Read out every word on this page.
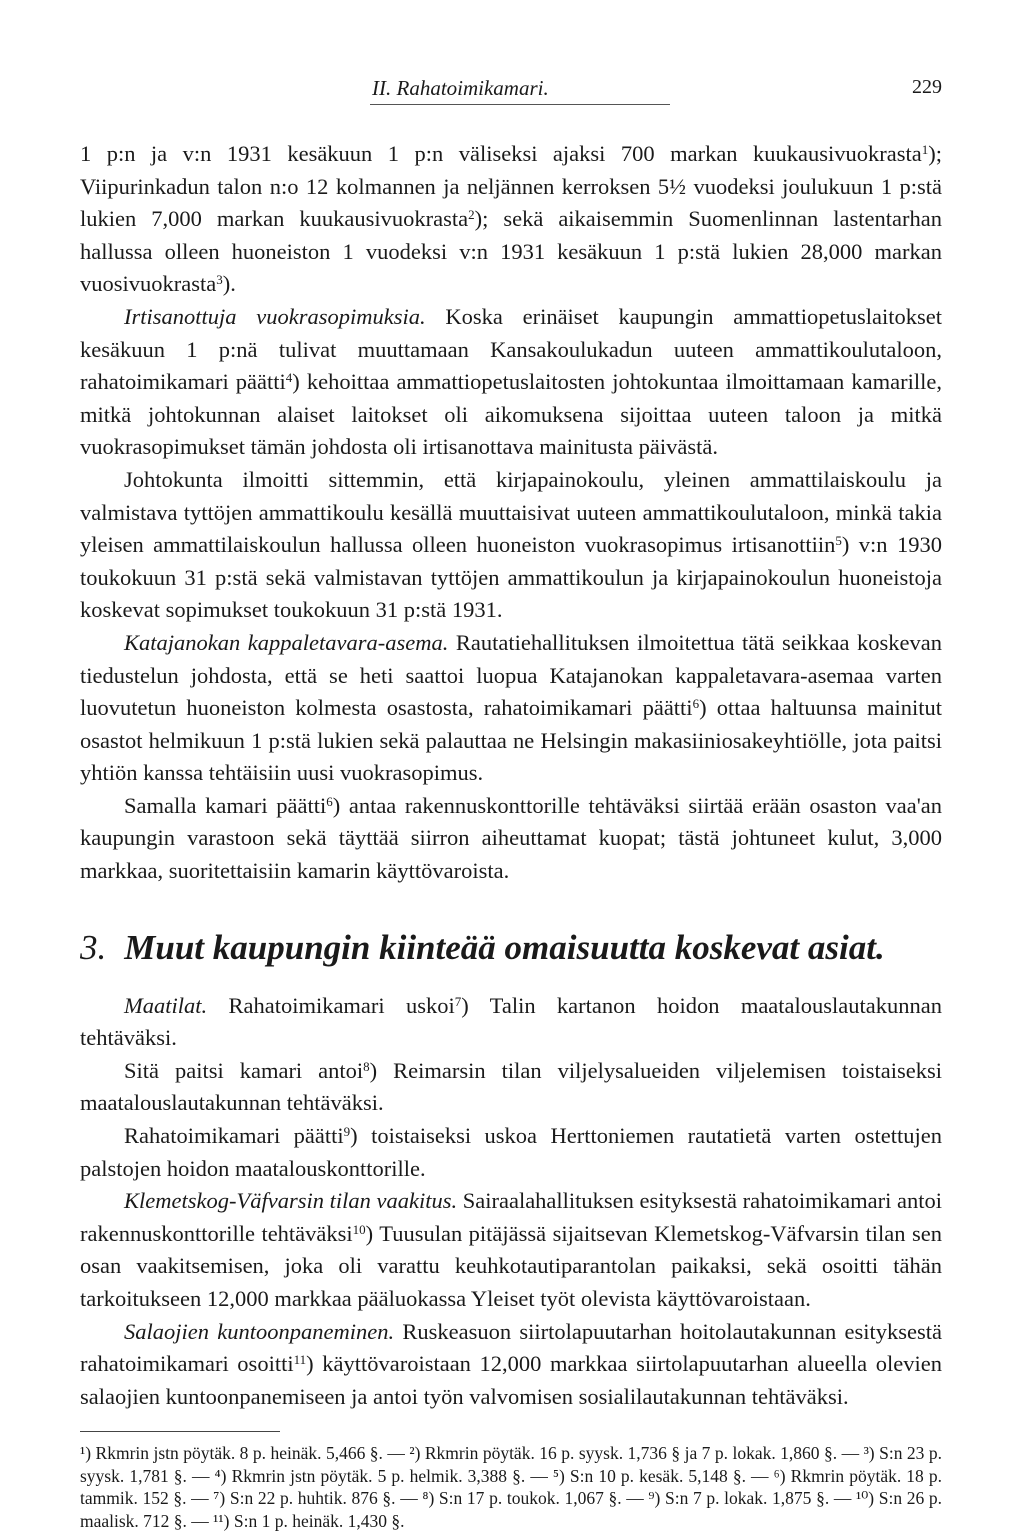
II. Rahatoimikamari.	229

1 p:n ja v:n 1931 kesäkuun 1 p:n väliseksi ajaksi 700 markan kuukausivuokrasta$^1$); Viipurinkadun talon n:o 12 kolmannen ja neljännen kerroksen 5½ vuodeksi joulukuun 1 p:stä lukien 7,000 markan kuukausivuokrasta$^2$); sekä aikaisemmin Suomenlinnan lastentarhan hallussa olleen huoneiston 1 vuodeksi v:n 1931 kesäkuun 1 p:stä lukien 28,000 markan vuosivuokrasta$^3$).

Irtisanottuja vuokrasopimuksia. Koska erinäiset kaupungin ammattiopetuslaitokset kesäkuun 1 p:nä tulivat muuttamaan Kansakoulukadun uuteen ammattikoulutaloon, rahatoimikamari päätti$^4$) kehoittaa ammattiopetuslaitosten johtokuntaa ilmoittamaan kamarille, mitkä johtokunnan alaiset laitokset oli aikomuksena sijoittaa uuteen taloon ja mitkä vuokrasopimukset tämän johdosta oli irtisanottava mainitusta päivästä.

Johtokunta ilmoitti sittemmin, että kirjapainokoulu, yleinen ammattilaiskoulu ja valmistava tyttöjen ammattikoulu kesällä muuttaisivat uuteen ammattikoulutaloon, minkä takia yleisen ammattilaiskoulun hallussa olleen huoneiston vuokrasopimus irtisanottiin$^5$) v:n 1930 toukokuun 31 p:stä sekä valmistavan tyttöjen ammattikoulun ja kirjapainokoulun huoneistoja koskevat sopimukset toukokuun 31 p:stä 1931.

Katajanokan kappaletavara-asema. Rautatiehallituksen ilmoitettua tätä seikkaa koskevan tiedustelun johdosta, että se heti saattoi luopua Katajanokan kappaletavara-asemaa varten luovutetun huoneiston kolmesta osastosta, rahatoimikamari päätti$^6$) ottaa haltuunsa mainitut osastot helmikuun 1 p:stä lukien sekä palauttaa ne Helsingin makasiiniosakeyhtiölle, jota paitsi yhtiön kanssa tehtäisiin uusi vuokrasopimus.

Samalla kamari päätti$^6$) antaa rakennuskonttorille tehtäväksi siirtää erään osaston vaa'an kaupungin varastoon sekä täyttää siirron aiheuttamat kuopat; tästä johtuneet kulut, 3,000 markkaa, suoritettaisiin kamarin käyttövaroista.

3. Muut kaupungin kiinteää omaisuutta koskevat asiat.

Maatilat. Rahatoimikamari uskoi$^7$) Talin kartanon hoidon maatalouslautakunnan tehtäväksi.

Sitä paitsi kamari antoi$^8$) Reimarsin tilan viljelysalueiden viljelemisen toistaiseksi maatalouslautakunnan tehtäväksi.

Rahatoimikamari päätti$^9$) toistaiseksi uskoa Herttoniemen rautatietä varten ostettujen palstojen hoidon maatalouskonttorille.

Klemetskog-Väfvarsin tilan vaakitus. Sairaalahallituksen esityksestä rahatoimikamari antoi rakennuskonttorille tehtäväksi$^{10}$) Tuusulan pitäjässä sijaitsevan Klemetskog-Väfvarsin tilan sen osan vaakitsemisen, joka oli varattu keuhkotautiparantolan paikaksi, sekä osoitti tähän tarkoitukseen 12,000 markkaa pääluokassa Yleiset työt olevista käyttövaroistaan.

Salaojien kuntoonpaneminen. Ruskeasuon siirtolapuutarhan hoitolautakunnan esityksestä rahatoimikamari osoitti$^{11}$) käyttövaroistaan 12,000 markkaa siirtolapuutarhan alueella olevien salaojien kuntoonpanemiseen ja antoi työn valvomisen sosialilautakunnan tehtäväksi.

¹) Rkmrin jstn pöytäk. 8 p. heinäk. 5,466 §. — ²) Rkmrin pöytäk. 16 p. syysk. 1,736 § ja 7 p. lokak. 1,860 §. — ³) S:n 23 p. syysk. 1,781 §. — ⁴) Rkmrin jstn pöytäk. 5 p. helmik. 3,388 §. — ⁵) S:n 10 p. kesäk. 5,148 §. — ⁶) Rkmrin pöytäk. 18 p. tammik. 152 §. — ⁷) S:n 22 p. huhtik. 876 §. — ⁸) S:n 17 p. toukok. 1,067 §. — ⁹) S:n 7 p. lokak. 1,875 §. — ¹⁰) S:n 26 p. maalisk. 712 §. — ¹¹) S:n 1 p. heinäk. 1,430 §.
